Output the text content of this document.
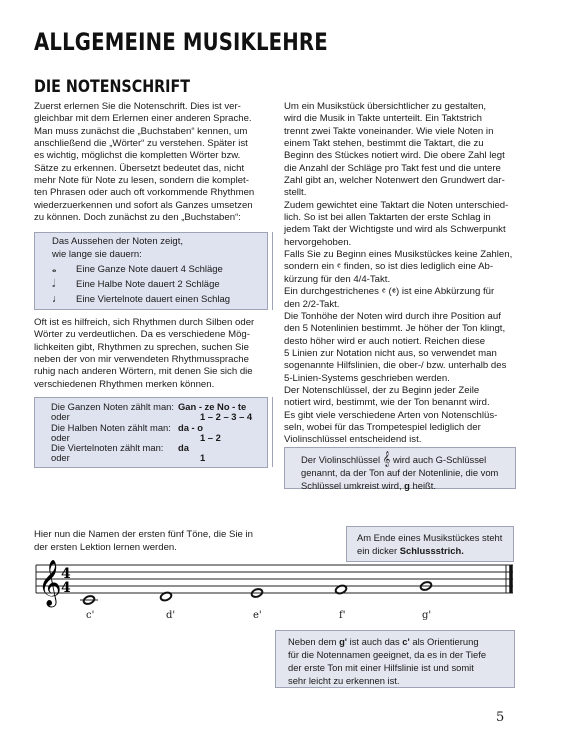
ALLGEMEINE MUSIKLEHRE
DIE NOTENSCHRIFT

Zuerst erlernen Sie die Notenschrift. Dies ist ver-

gleichbar mit dem Erlernen einer anderen Sprache.

Man muss zunächst die „Buchstaben“ kennen, um

anschließend die „Wörter“ zu verstehen. Später ist

es wichtig, möglichst die kompletten Wörter bzw.

Sätze zu erkennen. Übersetzt bedeutet das, nicht

mehr Note für Note zu lesen, sondern die komplet-

ten Phrasen oder auch oft vorkommende Rhythmen

wiederzuerkennen und sofort als Ganzes umsetzen

zu können. Doch zunächst zu den „Buchstaben“:

Das Aussehen der Noten zeigt,
wie lange sie dauern:
𝅝 Eine Ganze Note dauert 4 Schläge
𝅗𝅥 Eine Halbe Note dauert 2 Schläge
♩ Eine Viertelnote dauert einen Schlag

Oft ist es hilfreich, sich Rhythmen durch Silben oder

Wörter zu verdeutlichen. Da es verschiedene Mög-

lichkeiten gibt, Rhythmen zu sprechen, suchen Sie

neben der von mir verwendeten Rhythmussprache

ruhig nach anderen Wörtern, mit denen Sie sich die

verschiedenen Rhythmen merken können.

Die Ganzen Noten zählt man:	Gan - ze No - te
oder	1 – 2 – 3 – 4
Die Halben Noten zählt man:	da - o
oder	1 – 2
Die Viertelnoten zählt man:	da
oder	1

Um ein Musikstück übersichtlicher zu gestalten,

wird die Musik in Takte unterteilt. Ein Taktstrich

trennt zwei Takte voneinander. Wie viele Noten in

einem Takt stehen, bestimmt die Taktart, die zu

Beginn des Stückes notiert wird. Die obere Zahl legt

die Anzahl der Schläge pro Takt fest und die untere

Zahl gibt an, welcher Notenwert den Grundwert dar-

stellt.

Zudem gewichtet eine Taktart die Noten unterschied-

lich. So ist bei allen Taktarten der erste Schlag in

jedem Takt der Wichtigste und wird als Schwerpunkt

hervorgehoben.

Falls Sie zu Beginn eines Musikstückes keine Zahlen,

sondern ein 𝄴 finden, so ist dies lediglich eine Ab-

kürzung für den 4/4-Takt.

Ein durchgestrichenes 𝄴 (𝄵) ist eine Abkürzung für

den 2/2-Takt.

Die Tonhöhe der Noten wird durch ihre Position auf

den 5 Notenlinien bestimmt. Je höher der Ton klingt,

desto höher wird er auch notiert. Reichen diese

5 Linien zur Notation nicht aus, so verwendet man

sogenannte Hilfslinien, die ober-/ bzw. unterhalb des

5-Linien-Systems geschrieben werden.

Der Notenschlüssel, der zu Beginn jeder Zeile

notiert wird, bestimmt, wie der Ton benannt wird.

Es gibt viele verschiedene Arten von Notenschlüs-

seln, wobei für das Trompetespiel lediglich der

Violinschlüssel entscheidend ist.

Der Violinschlüssel 𝄞 wird auch G-Schlüssel
genannt, da der Ton auf der Notenlinie, die vom
Schlüssel umkreist wird, g heißt.
Hier nun die Namen der ersten fünf Töne, die Sie in
der ersten Lektion lernen werden.
Am Ende eines Musikstückes steht
ein dicker Schlussstrich.
𝄞 4
4
c'	d'	e'	f'	g'
Neben dem g' ist auch das c' als Orientierung
für die Notennamen geeignet, da es in der Tiefe
der erste Ton mit einer Hilfslinie ist und somit
sehr leicht zu erkennen ist.
5
